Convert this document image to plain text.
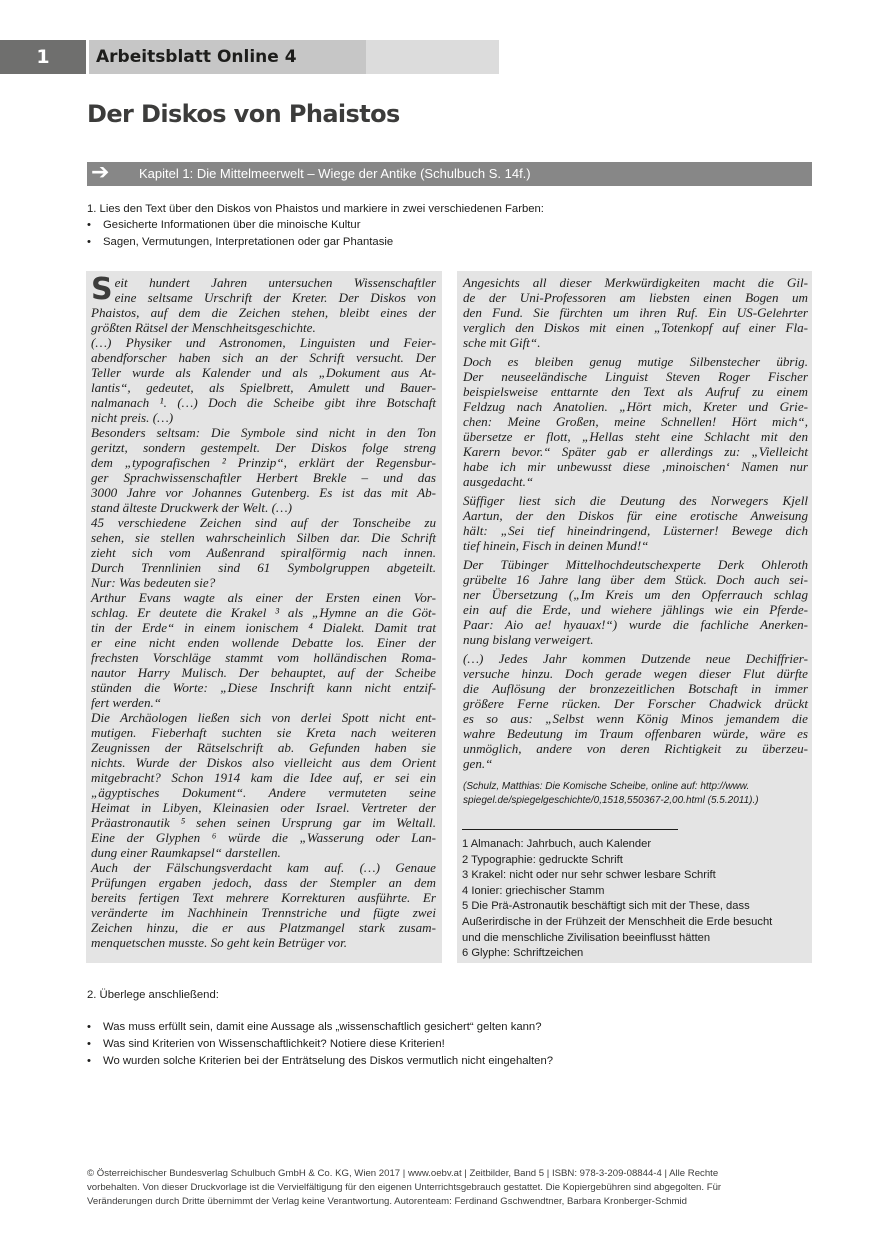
1	Arbeitsblatt Online 4
Der Diskos von Phaistos
➔ Kapitel 1: Die Mittelmeerwelt – Wiege der Antike (Schulbuch S. 14f.)
1. Lies den Text über den Diskos von Phaistos und markiere in zwei verschiedenen Farben:
• Gesicherte Informationen über die minoische Kultur
• Sagen, Vermutungen, Interpretationen oder gar Phantasie
S eit hundert Jahren untersuchen Wissenschaftler
eine seltsame Urschrift der Kreter. Der Diskos von
Phaistos, auf dem die Zeichen stehen, bleibt eines der
größten Rätsel der Menschheitsgeschichte.
(…) Physiker und Astronomen, Linguisten und Feier-
abendforscher haben sich an der Schrift versucht. Der
Teller wurde als Kalender und als „Dokument aus At-
lantis“, gedeutet, als Spielbrett, Amulett und Bauer-
nalmanach ¹. (…) Doch die Scheibe gibt ihre Botschaft
nicht preis. (…)
Besonders seltsam: Die Symbole sind nicht in den Ton
geritzt, sondern gestempelt. Der Diskos folge streng
dem „typografischen ² Prinzip“, erklärt der Regensbur-
ger Sprachwissenschaftler Herbert Brekle – und das
3000 Jahre vor Johannes Gutenberg. Es ist das mit Ab-
stand älteste Druckwerk der Welt. (…)
45 verschiedene Zeichen sind auf der Tonscheibe zu
sehen, sie stellen wahrscheinlich Silben dar. Die Schrift
zieht sich vom Außenrand spiralförmig nach innen.
Durch Trennlinien sind 61 Symbolgruppen abgeteilt.
Nur: Was bedeuten sie?
Arthur Evans wagte als einer der Ersten einen Vor-
schlag. Er deutete die Krakel ³ als „Hymne an die Göt-
tin der Erde“ in einem ionischem ⁴ Dialekt. Damit trat
er eine nicht enden wollende Debatte los. Einer der
frechsten Vorschläge stammt vom holländischen Roma-
nautor Harry Mulisch. Der behauptet, auf der Scheibe
stünden die Worte: „Diese Inschrift kann nicht entzif-
fert werden.“
Die Archäologen ließen sich von derlei Spott nicht ent-
mutigen. Fieberhaft suchten sie Kreta nach weiteren
Zeugnissen der Rätselschrift ab. Gefunden haben sie
nichts. Wurde der Diskos also vielleicht aus dem Orient
mitgebracht? Schon 1914 kam die Idee auf, er sei ein
„ägyptisches Dokument“. Andere vermuteten seine
Heimat in Libyen, Kleinasien oder Israel. Vertreter der
Präastronautik ⁵ sehen seinen Ursprung gar im Weltall.
Eine der Glyphen ⁶ würde die „Wasserung oder Lan-
dung einer Raumkapsel“ darstellen.
Auch der Fälschungsverdacht kam auf. (…) Genaue
Prüfungen ergaben jedoch, dass der Stempler an dem
bereits fertigen Text mehrere Korrekturen ausführte. Er
veränderte im Nachhinein Trennstriche und fügte zwei
Zeichen hinzu, die er aus Platzmangel stark zusam-
menquetschen musste. So geht kein Betrüger vor.
Angesichts all dieser Merkwürdigkeiten macht die Gil-
de der Uni-Professoren am liebsten einen Bogen um
den Fund. Sie fürchten um ihren Ruf. Ein US-Gelehrter
verglich den Diskos mit einen „Totenkopf auf einer Fla-
sche mit Gift“.
Doch es bleiben genug mutige Silbenstecher übrig.
Der neuseeländische Linguist Steven Roger Fischer
beispielsweise enttarnte den Text als Aufruf zu einem
Feldzug nach Anatolien. „Hört mich, Kreter und Grie-
chen: Meine Großen, meine Schnellen! Hört mich“,
übersetze er flott, „Hellas steht eine Schlacht mit den
Karern bevor.“ Später gab er allerdings zu: „Vielleicht
habe ich mir unbewusst diese ‚minoischen‘ Namen nur
ausgedacht.“
Süffiger liest sich die Deutung des Norwegers Kjell
Aartun, der den Diskos für eine erotische Anweisung
hält: „Sei tief hineindringend, Lüsterner! Bewege dich
tief hinein, Fisch in deinen Mund!“
Der Tübinger Mittelhochdeutschexperte Derk Ohleroth
grübelte 16 Jahre lang über dem Stück. Doch auch sei-
ner Übersetzung („Im Kreis um den Opferrauch schlag
ein auf die Erde, und wiehere jählings wie ein Pferde-
Paar: Aio ae! hyauax!“) wurde die fachliche Anerken-
nung bislang verweigert.
(…) Jedes Jahr kommen Dutzende neue Dechiffrier-
versuche hinzu. Doch gerade wegen dieser Flut dürfte
die Auflösung der bronzezeitlichen Botschaft in immer
größere Ferne rücken. Der Forscher Chadwick drückt
es so aus: „Selbst wenn König Minos jemandem die
wahre Bedeutung im Traum offenbaren würde, wäre es
unmöglich, andere von deren Richtigkeit zu überzeu-
gen.“
(Schulz, Matthias: Die Komische Scheibe, online auf: http://www.
spiegel.de/spiegelgeschichte/0,1518,550367-2,00.html (5.5.2011).)
1 Almanach: Jahrbuch, auch Kalender
2 Typographie: gedruckte Schrift
3 Krakel: nicht oder nur sehr schwer lesbare Schrift
4 Ionier: griechischer Stamm
5 Die Prä-Astronautik beschäftigt sich mit der These, dass
Außerirdische in der Frühzeit der Menschheit die Erde besucht
und die menschliche Zivilisation beeinflusst hätten
6 Glyphe: Schriftzeichen
2. Überlege anschließend:
• Was muss erfüllt sein, damit eine Aussage als „wissenschaftlich gesichert“ gelten kann?
• Was sind Kriterien von Wissenschaftlichkeit? Notiere diese Kriterien!
• Wo wurden solche Kriterien bei der Enträtselung des Diskos vermutlich nicht eingehalten?
© Österreichischer Bundesverlag Schulbuch GmbH & Co. KG, Wien 2017 | www.oebv.at | Zeitbilder, Band 5 | ISBN: 978-3-209-08844-4 | Alle Rechte
vorbehalten. Von dieser Druckvorlage ist die Vervielfältigung für den eigenen Unterrichtsgebrauch gestattet. Die Kopiergebühren sind abgegolten. Für
Veränderungen durch Dritte übernimmt der Verlag keine Verantwortung. Autorenteam: Ferdinand Gschwendtner, Barbara Kronberger-Schmid
